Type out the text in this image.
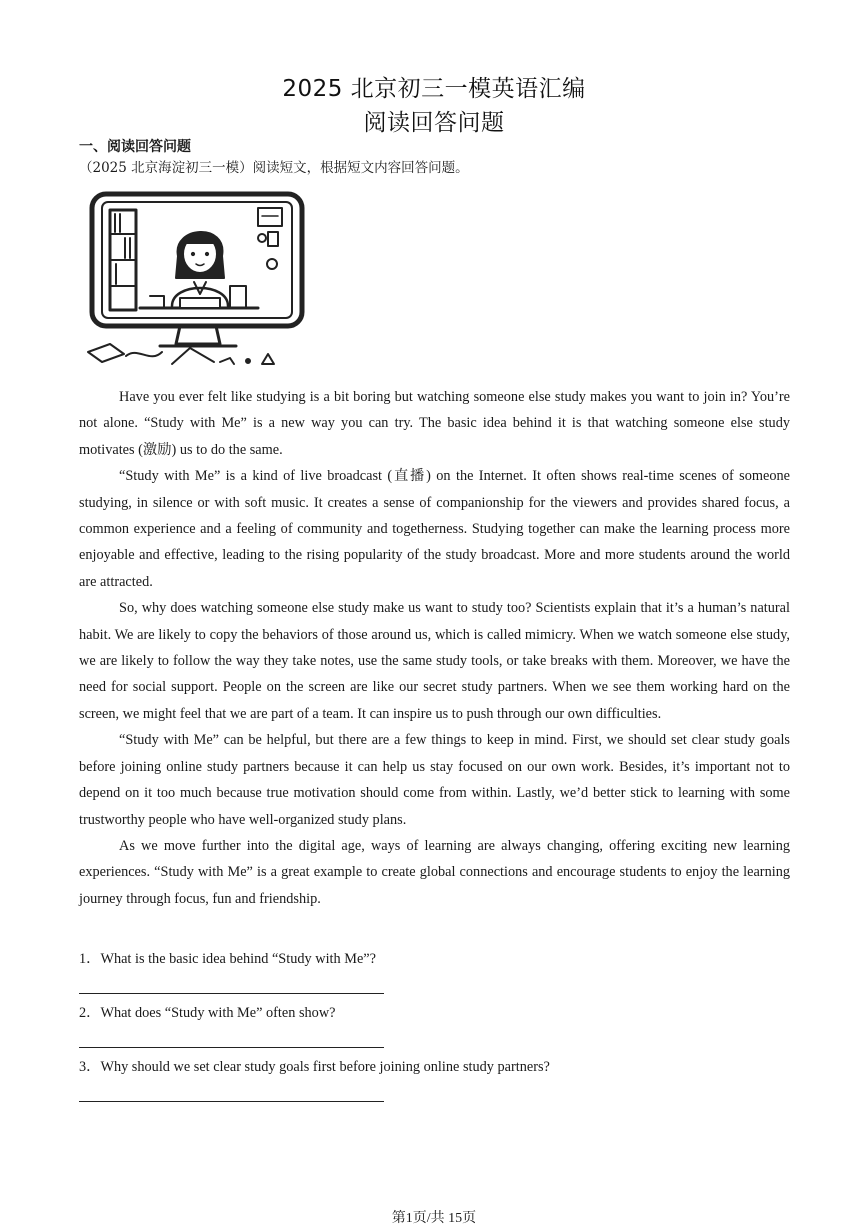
2025 北京初三一模英语汇编
阅读回答问题
一、阅读回答问题
（2025 北京海淀初三一模）阅读短文，根据短文内容回答问题。

Have you ever felt like studying is a bit boring but watching someone else study makes you want to join in? You’re not alone. “Study with Me” is a new way you can try. The basic idea behind it is that watching someone else study motivates (激励) us to do the same.

“Study with Me” is a kind of live broadcast (直播) on the Internet. It often shows real-time scenes of someone studying, in silence or with soft music. It creates a sense of companionship for the viewers and provides shared focus, a common experience and a feeling of community and togetherness. Studying together can make the learning process more enjoyable and effective, leading to the rising popularity of the study broadcast. More and more students around the world are attracted.

So, why does watching someone else study make us want to study too? Scientists explain that it’s a human’s natural habit. We are likely to copy the behaviors of those around us, which is called mimicry. When we watch someone else study, we are likely to follow the way they take notes, use the same study tools, or take breaks with them. Moreover, we have the need for social support. People on the screen are like our secret study partners. When we see them working hard on the screen, we might feel that we are part of a team. It can inspire us to push through our own difficulties.

“Study with Me” can be helpful, but there are a few things to keep in mind. First, we should set clear study goals before joining online study partners because it can help us stay focused on our own work. Besides, it’s important not to depend on it too much because true motivation should come from within. Lastly, we’d better stick to learning with some trustworthy people who have well-organized study plans.

As we move further into the digital age, ways of learning are always changing, offering exciting new learning experiences. “Study with Me” is a great example to create global connections and encourage students to enjoy the learning journey through focus, fun and friendship.

1．What is the basic idea behind “Study with Me”?
2．What does “Study with Me” often show?
3．Why should we set clear study goals first before joining online study partners?
第1页/共 15页
